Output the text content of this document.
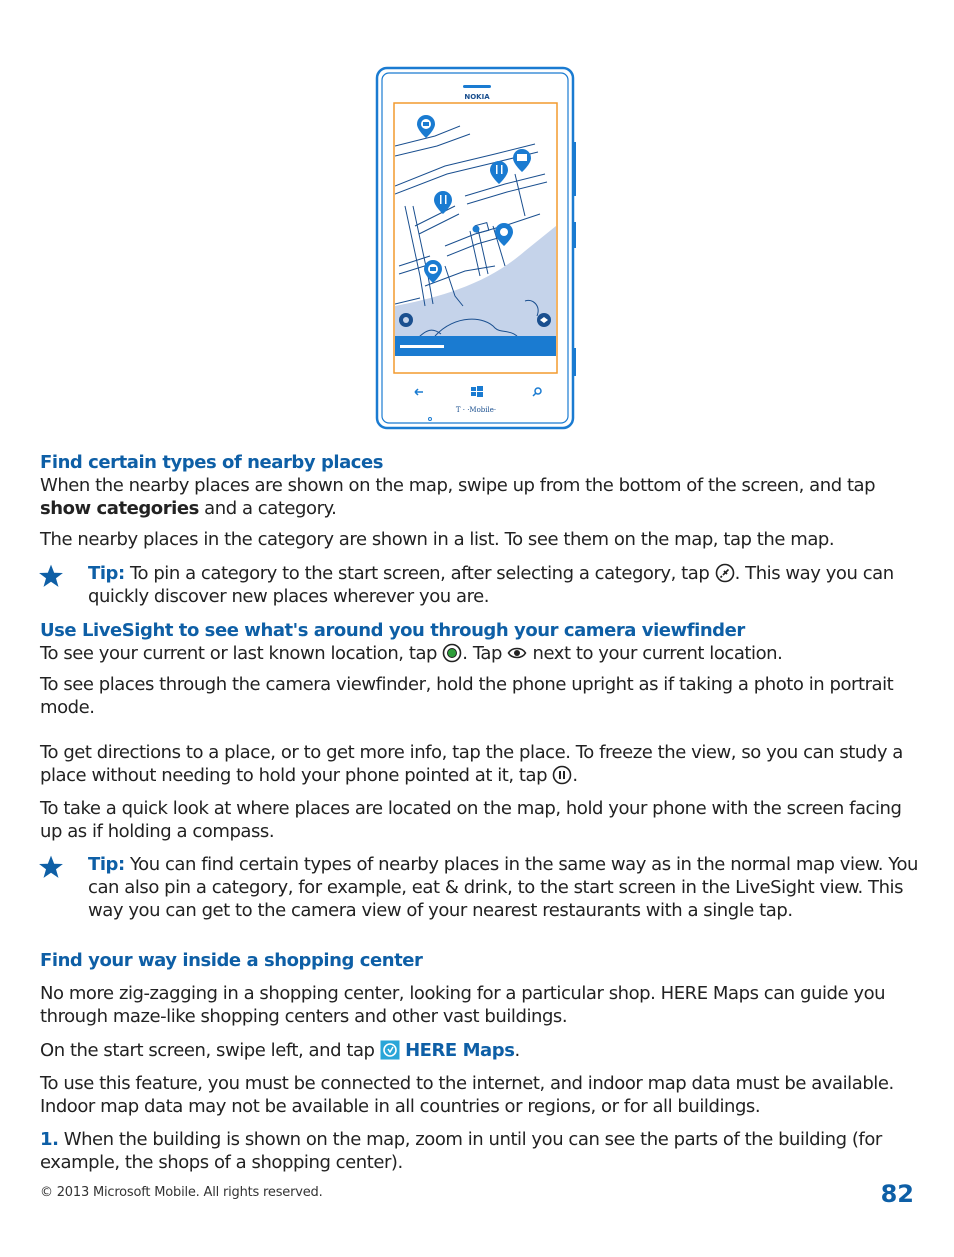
NOKIA
T · ·Mobile·

Find certain types of nearby places

When the nearby places are shown on the map, swipe up from the bottom of the screen, and tap show categories and a category.

The nearby places in the category are shown in a list. To see them on the map, tap the map.

Tip: To pin a category to the start screen, after selecting a category, tap . This way you can quickly discover new places wherever you are.

Use LiveSight to see what's around you through your camera viewfinder

To see your current or last known location, tap . Tap  next to your current location.

To see places through the camera viewfinder, hold the phone upright as if taking a photo in portrait mode.

To get directions to a place, or to get more info, tap the place. To freeze the view, so you can study a place without needing to hold your phone pointed at it, tap .

To take a quick look at where places are located on the map, hold your phone with the screen facing up as if holding a compass.

Tip: You can find certain types of nearby places in the same way as in the normal map view. You can also pin a category, for example, eat & drink, to the start screen in the LiveSight view. This way you can get to the camera view of your nearest restaurants with a single tap.

Find your way inside a shopping center

No more zig-zagging in a shopping center, looking for a particular shop. HERE Maps can guide you through maze-like shopping centers and other vast buildings.

On the start screen, swipe left, and tap  HERE Maps.

To use this feature, you must be connected to the internet, and indoor map data must be available. Indoor map data may not be available in all countries or regions, or for all buildings.

1. When the building is shown on the map, zoom in until you can see the parts of the building (for example, the shops of a shopping center).

© 2013 Microsoft Mobile. All rights reserved.	82
